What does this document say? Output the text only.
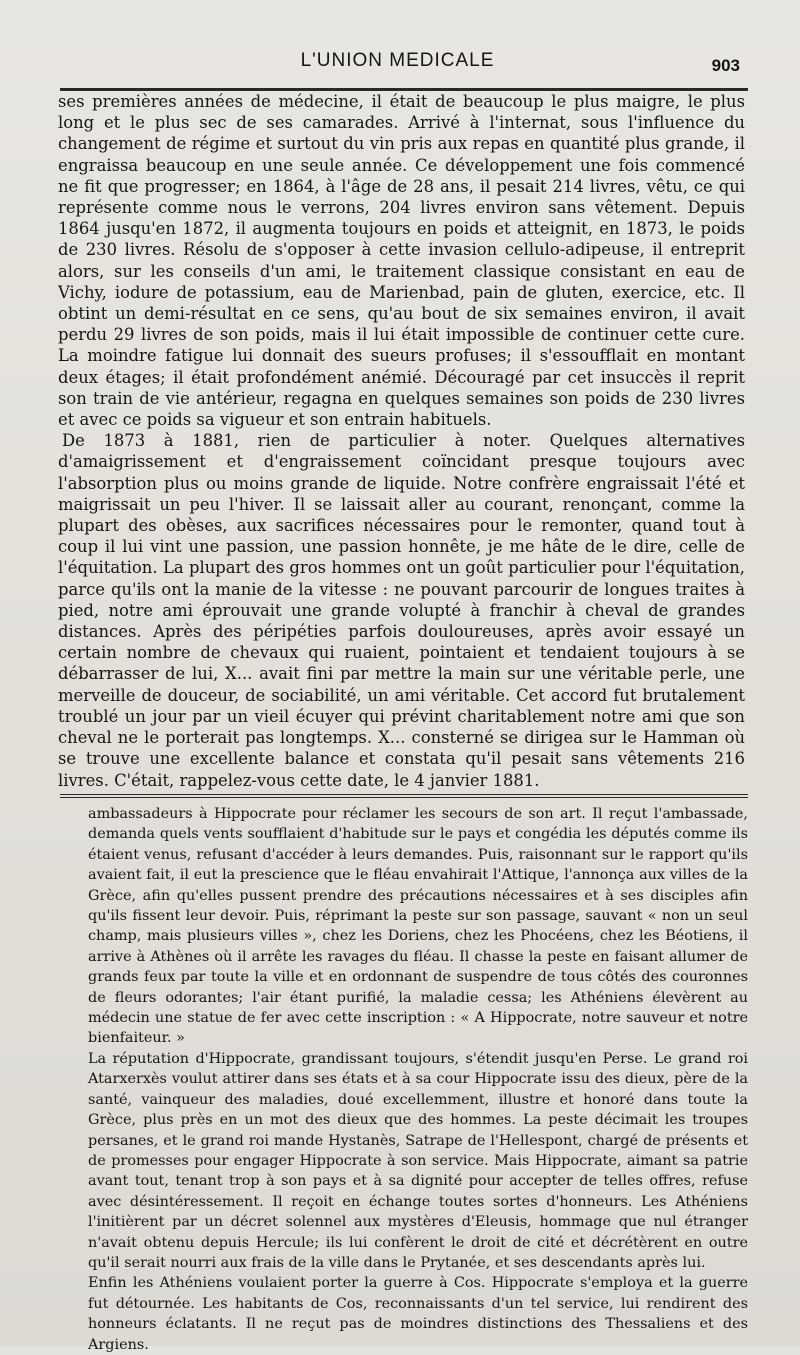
L'UNION MEDICALE	903

ses premières années de médecine, il était de beaucoup le plus maigre, le plus long et le plus sec de ses camarades. Arrivé à l'internat, sous l'influence du changement de régime et surtout du vin pris aux repas en quantité plus grande, il engraissa beaucoup en une seule année. Ce développement une fois commencé ne fit que progresser; en 1864, à l'âge de 28 ans, il pesait 214 livres, vêtu, ce qui représente comme nous le verrons, 204 livres environ sans vêtement. Depuis 1864 jusqu'en 1872, il augmenta toujours en poids et atteignit, en 1873, le poids de 230 livres. Résolu de s'opposer à cette invasion cellulo-adipeuse, il entreprit alors, sur les conseils d'un ami, le traitement classique consistant en eau de Vichy, iodure de potassium, eau de Marienbad, pain de gluten, exercice, etc. Il obtint un demi-résultat en ce sens, qu'au bout de six semaines environ, il avait perdu 29 livres de son poids, mais il lui était impossible de continuer cette cure. La moindre fatigue lui donnait des sueurs profuses; il s'essoufflait en montant deux étages; il était profondément anémié. Découragé par cet insuccès il reprit son train de vie antérieur, regagna en quelques semaines son poids de 230 livres et avec ce poids sa vigueur et son entrain habituels.

De 1873 à 1881, rien de particulier à noter. Quelques alternatives d'amaigrissement et d'engraissement coïncidant presque toujours avec l'absorption plus ou moins grande de liquide. Notre confrère engraissait l'été et maigrissait un peu l'hiver. Il se laissait aller au courant, renonçant, comme la plupart des obèses, aux sacrifices nécessaires pour le remonter, quand tout à coup il lui vint une passion, une passion honnête, je me hâte de le dire, celle de l'équitation. La plupart des gros hommes ont un goût particulier pour l'équitation, parce qu'ils ont la manie de la vitesse : ne pouvant parcourir de longues traites à pied, notre ami éprouvait une grande volupté à franchir à cheval de grandes distances. Après des péripéties parfois douloureuses, après avoir essayé un certain nombre de chevaux qui ruaient, pointaient et tendaient toujours à se débarrasser de lui, X... avait fini par mettre la main sur une véritable perle, une merveille de douceur, de sociabilité, un ami véritable. Cet accord fut brutalement troublé un jour par un vieil écuyer qui prévint charitablement notre ami que son cheval ne le porterait pas longtemps. X... consterné se dirigea sur le Hamman où se trouve une excellente balance et constata qu'il pesait sans vêtements 216 livres. C'était, rappelez-vous cette date, le 4 janvier 1881.

ambassadeurs à Hippocrate pour réclamer les secours de son art. Il reçut l'ambassade, demanda quels vents soufflaient d'habitude sur le pays et congédia les députés comme ils étaient venus, refusant d'accéder à leurs demandes. Puis, raisonnant sur le rapport qu'ils avaient fait, il eut la prescience que le fléau envahirait l'Attique, l'annonça aux villes de la Grèce, afin qu'elles pussent prendre des précautions nécessaires et à ses disciples afin qu'ils fissent leur devoir. Puis, réprimant la peste sur son passage, sauvant « non un seul champ, mais plusieurs villes », chez les Doriens, chez les Phocéens, chez les Béotiens, il arrive à Athènes où il arrête les ravages du fléau. Il chasse la peste en faisant allumer de grands feux par toute la ville et en ordonnant de suspendre de tous côtés des couronnes de fleurs odorantes; l'air étant purifié, la maladie cessa; les Athéniens élevèrent au médecin une statue de fer avec cette inscription : « A Hippocrate, notre sauveur et notre bienfaiteur. »

La réputation d'Hippocrate, grandissant toujours, s'étendit jusqu'en Perse. Le grand roi Atarxerxès voulut attirer dans ses états et à sa cour Hippocrate issu des dieux, père de la santé, vainqueur des maladies, doué excellemment, illustre et honoré dans toute la Grèce, plus près en un mot des dieux que des hommes. La peste décimait les troupes persanes, et le grand roi mande Hystanès, Satrape de l'Hellespont, chargé de présents et de promesses pour engager Hippocrate à son service. Mais Hippocrate, aimant sa patrie avant tout, tenant trop à son pays et à sa dignité pour accepter de telles offres, refuse avec désintéressement. Il reçoit en échange toutes sortes d'honneurs. Les Athéniens l'initièrent par un décret solennel aux mystères d'Eleusis, hommage que nul étranger n'avait obtenu depuis Hercule; ils lui confèrent le droit de cité et décrétèrent en outre qu'il serait nourri aux frais de la ville dans le Prytanée, et ses descendants après lui.

Enfin les Athéniens voulaient porter la guerre à Cos. Hippocrate s'employa et la guerre fut détournée. Les habitants de Cos, reconnaissants d'un tel service, lui rendirent des honneurs éclatants. Il ne reçut pas de moindres distinctions des Thessaliens et des Argiens.
